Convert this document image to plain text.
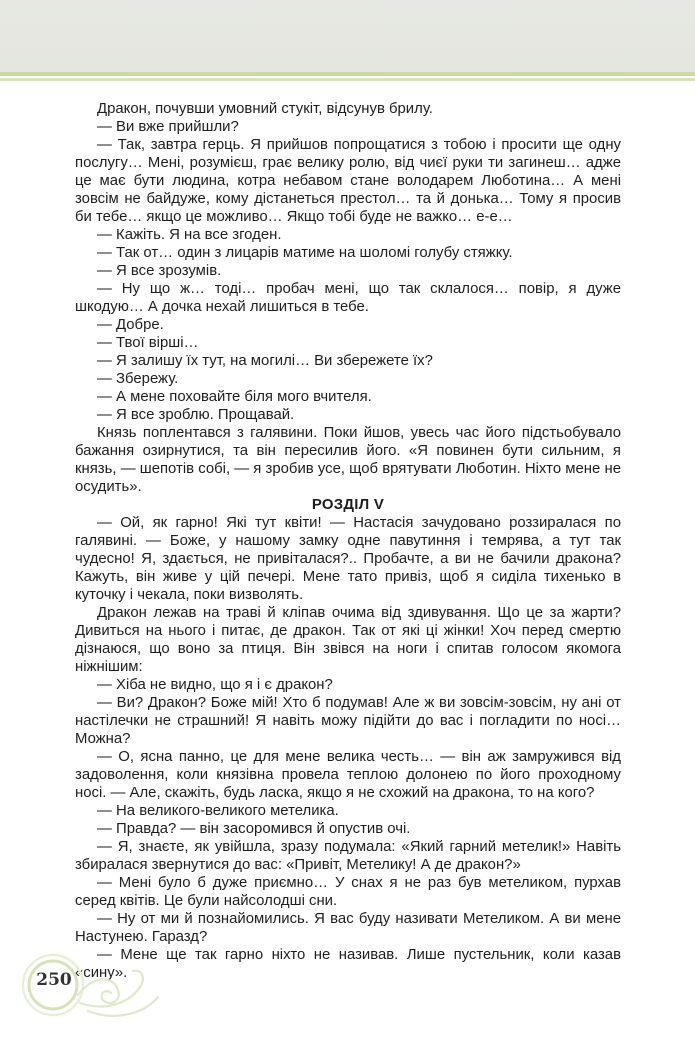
Дракон, почувши умовний стукіт, відсунув брилу.

— Ви вже прийшли?

— Так, завтра герць. Я прийшов попрощатися з тобою і просити ще одну послугу… Мені, розумієш, грає велику ролю, від чиєї руки ти загинеш… адже це має бути людина, котра небавом стане володарем Люботина… А мені зовсім не байдуже, кому дістанеться престол… та й донька… Тому я просив би тебе… якщо це можливо… Якщо тобі буде не важко… е-е…

— Кажіть. Я на все згоден.

— Так от… один з лицарів матиме на шоломі голубу стяжку.

— Я все зрозумів.

— Ну що ж… тоді… пробач мені, що так склалося… повір, я дуже шкодую… А дочка нехай лишиться в тебе.

— Добре.

— Твої вірші…

— Я залишу їх тут, на могилі… Ви збережете їх?

— Збережу.

— А мене поховайте біля мого вчителя.

— Я все зроблю. Прощавай.

Князь поплентався з галявини. Поки йшов, увесь час його підстьобувало бажання озирнутися, та він пересилив його. «Я повинен бути сильним, я князь, — шепотів собі, — я зробив усе, щоб врятувати Люботин. Ніхто мене не осудить».

РОЗДІЛ V

— Ой, як гарно! Які тут квіти! — Настасія зачудовано роззиралася по галявині. — Боже, у нашому замку одне павутиння і темрява, а тут так чудесно! Я, здається, не привіталася?.. Пробачте, а ви не бачили дракона? Кажуть, він живе у цій печері. Мене тато привіз, щоб я сиділа тихенько в куточку і чекала, поки визволять.

Дракон лежав на траві й кліпав очима від здивування. Що це за жарти? Дивиться на нього і питає, де дракон. Так от які ці жінки! Хоч перед смертю дізнаюся, що воно за птиця. Він звівся на ноги і спитав голосом якомога ніжнішим:

— Хіба не видно, що я і є дракон?

— Ви? Дракон? Боже мій! Хто б подумав! Але ж ви зовсім-зовсім, ну ані от настілечки не страшний! Я навіть можу підійти до вас і погладити по носі… Можна?

— О, ясна панно, це для мене велика честь… — він аж замружився від задоволення, коли князівна провела теплою долонею по його проходному носі. — Але, скажіть, будь ласка, якщо я не схожий на дракона, то на кого?

— На великого-великого метелика.

— Правда? — він засоромився й опустив очі.

— Я, знаєте, як увійшла, зразу подумала: «Який гарний метелик!» Навіть збиралася звернутися до вас: «Привіт, Метелику! А де дракон?»

— Мені було б дуже приємно… У снах я не раз був метеликом, пурхав серед квітів. Це були найсолодші сни.

— Ну от ми й познайомились. Я вас буду називати Метеликом. А ви мене Настунею. Гаразд?

— Мене ще так гарно ніхто не називав. Лише пустельник, коли казав «сину».

250
